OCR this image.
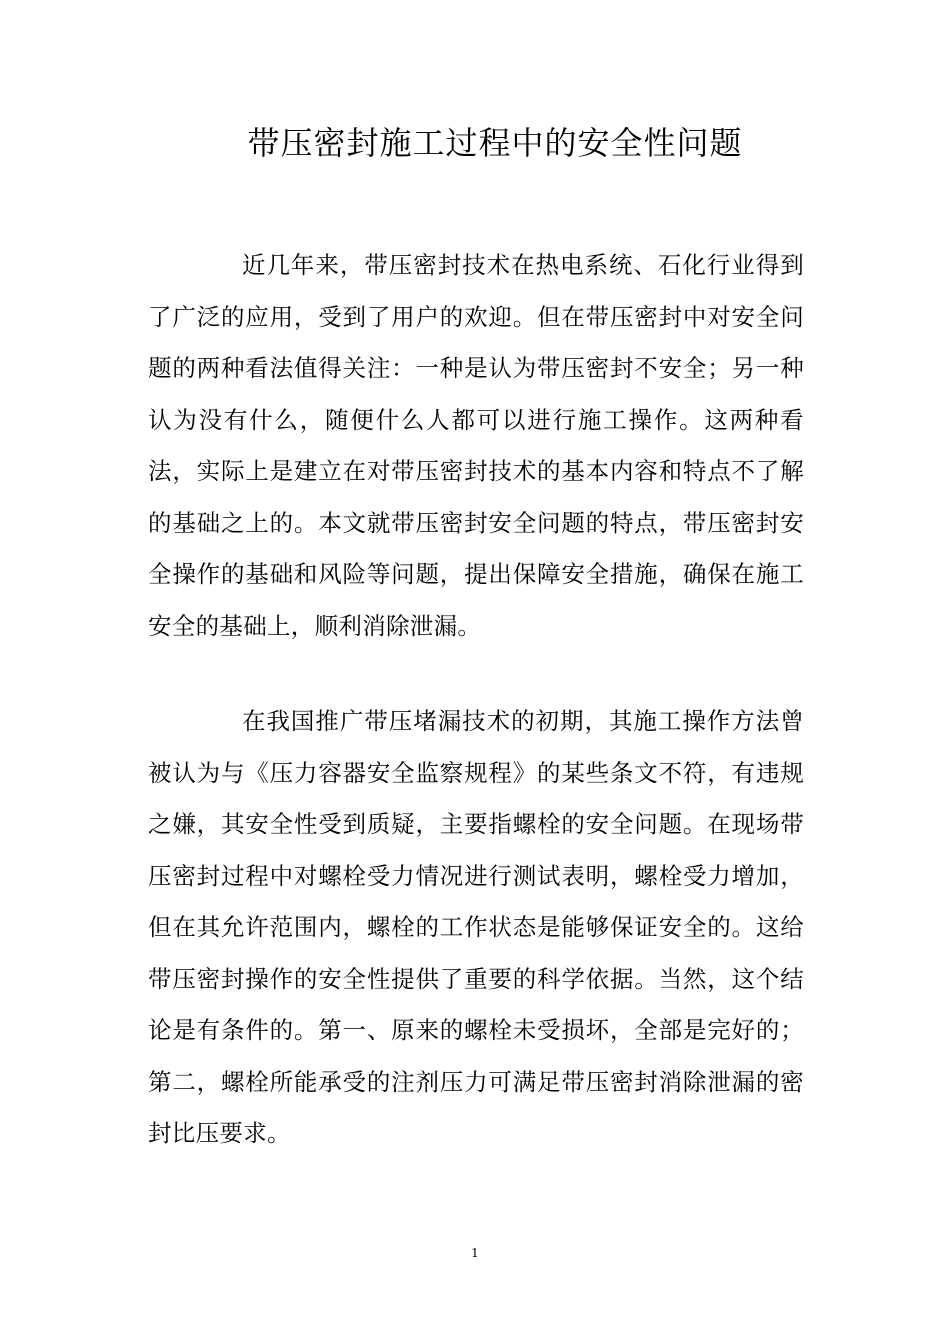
带压密封施工过程中的安全性问题

近几年来，带压密封技术在热电系统、石化行业得到了广泛的应用，受到了用户的欢迎。但在带压密封中对安全问题的两种看法值得关注：一种是认为带压密封不安全；另一种认为没有什么，随便什么人都可以进行施工操作。这两种看法，实际上是建立在对带压密封技术的基本内容和特点不了解的基础之上的。本文就带压密封安全问题的特点，带压密封安全操作的基础和风险等问题，提出保障安全措施，确保在施工安全的基础上，顺利消除泄漏。

在我国推广带压堵漏技术的初期，其施工操作方法曾被认为与《压力容器安全监察规程》的某些条文不符，有违规之嫌，其安全性受到质疑，主要指螺栓的安全问题。在现场带压密封过程中对螺栓受力情况进行测试表明，螺栓受力增加，但在其允许范围内，螺栓的工作状态是能够保证安全的。这给带压密封操作的安全性提供了重要的科学依据。当然，这个结论是有条件的。第一、原来的螺栓未受损坏，全部是完好的；第二，螺栓所能承受的注剂压力可满足带压密封消除泄漏的密封比压要求。

1
